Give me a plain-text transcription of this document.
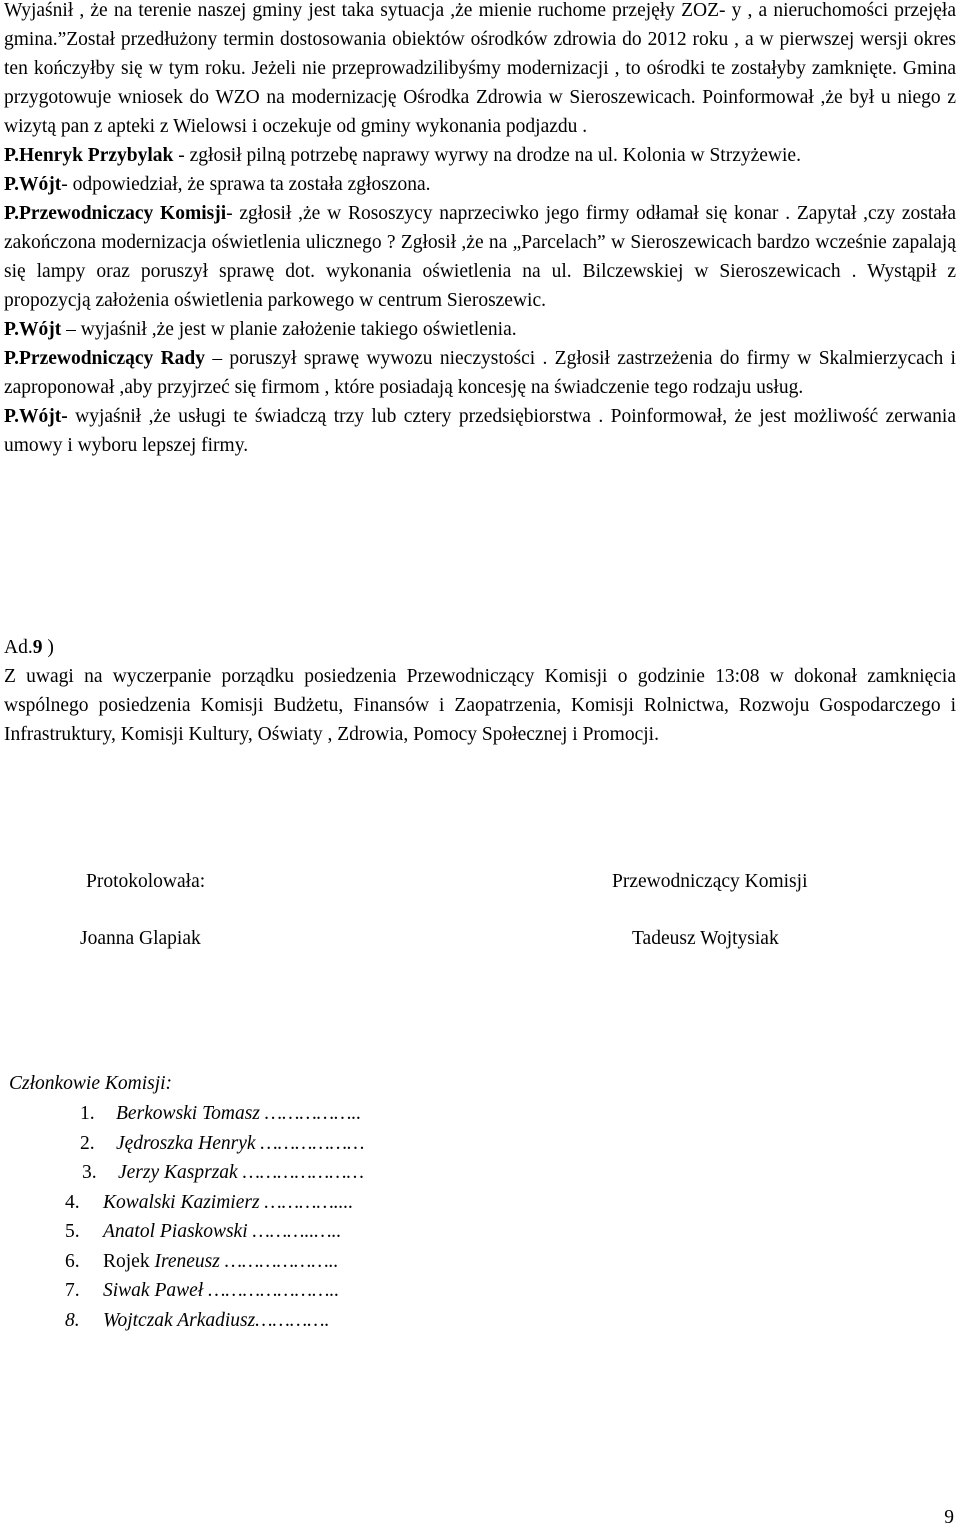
Wyjaśnił , że na terenie naszej gminy jest taka sytuacja ,że mienie ruchome przejęły ZOZ- y , a nieruchomości przejęła gmina.”Został przedłużony termin dostosowania obiektów ośrodków zdrowia do 2012 roku , a w pierwszej wersji okres ten kończyłby się w tym roku. Jeżeli nie przeprowadzilibyśmy modernizacji , to ośrodki te zostałyby zamknięte. Gmina przygotowuje wniosek do WZO na modernizację Ośrodka Zdrowia w Sieroszewicach. Poinformował ,że był u niego z wizytą pan z apteki z Wielowsi i oczekuje od gminy wykonania podjazdu .

P.Henryk Przybylak - zgłosił pilną potrzebę naprawy wyrwy na drodze na ul. Kolonia w Strzyżewie.

P.Wójt- odpowiedział, że sprawa ta została zgłoszona.

P.Przewodniczacy Komisji- zgłosił ,że w Rososzycy naprzeciwko jego firmy odłamał się konar . Zapytał ,czy została zakończona modernizacja oświetlenia ulicznego ? Zgłosił ,że na „Parcelach” w Sieroszewicach bardzo wcześnie zapalają się lampy oraz poruszył sprawę dot. wykonania oświetlenia na ul. Bilczewskiej w Sieroszewicach . Wystąpił z propozycją założenia oświetlenia parkowego w centrum Sieroszewic.

P.Wójt – wyjaśnił ,że jest w planie założenie takiego oświetlenia.

P.Przewodniczący Rady – poruszył sprawę wywozu nieczystości . Zgłosił zastrzeżenia do firmy w Skalmierzycach i zaproponował ,aby przyjrzeć się firmom , które posiadają koncesję na świadczenie tego rodzaju usług.

P.Wójt- wyjaśnił ,że usługi te świadczą trzy lub cztery przedsiębiorstwa . Poinformował, że jest możliwość zerwania umowy i wyboru lepszej firmy.

Ad.9 )

Z uwagi na wyczerpanie porządku posiedzenia Przewodniczący Komisji o godzinie 13:08 w dokonał zamknięcia wspólnego posiedzenia Komisji Budżetu, Finansów i Zaopatrzenia, Komisji Rolnictwa, Rozwoju Gospodarczego i Infrastruktury, Komisji Kultury, Oświaty , Zdrowia, Pomocy Społecznej i Promocji.

Protokolowała:
Joanna Glapiak
Przewodniczący Komisji
Tadeusz Wojtysiak

Członkowie Komisji:

1. Berkowski Tomasz ……………..
2. Jędroszka Henryk ………………
3. Jerzy Kasprzak …………………
4. Kowalski Kazimierz …………....
5. Anatol Piaskowski ………..…..
6. Rojek Ireneusz ………………..
7. Siwak Paweł …………………..
8. Wojtczak Arkadiusz………….
9
